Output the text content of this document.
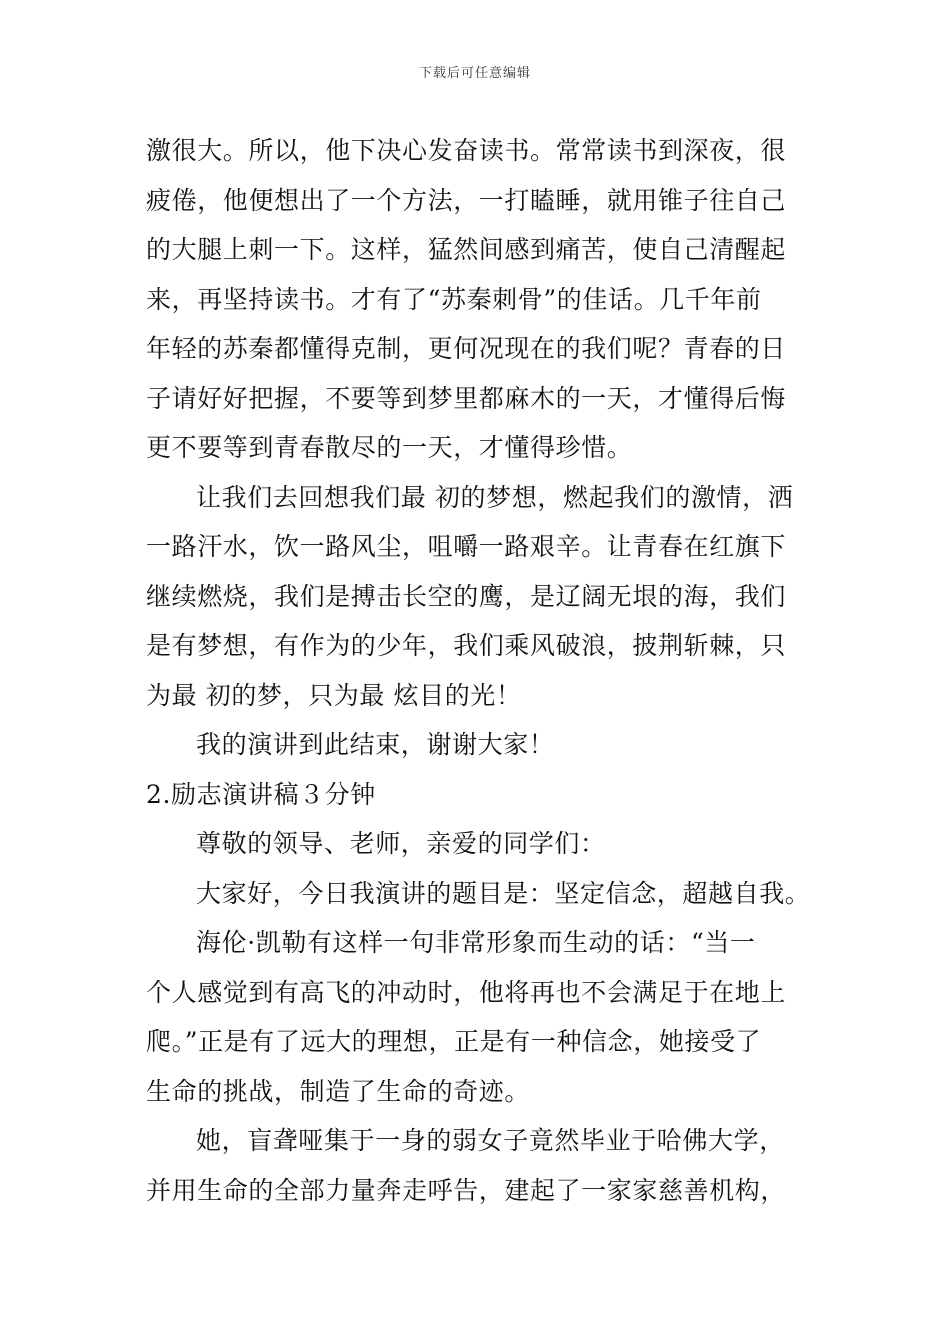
下载后可任意编辑
激很大。所以，他下决心发奋读书。常常读书到深夜，很
疲倦，他便想出了一个方法，一打瞌睡，就用锥子往自己
的大腿上刺一下。这样，猛然间感到痛苦，使自己清醒起
来，再坚持读书。才有了“苏秦刺骨”的佳话。几千年前
年轻的苏秦都懂得克制，更何况现在的我们呢？青春的日
子请好好把握，不要等到梦里都麻木的一天，才懂得后悔
更不要等到青春散尽的一天，才懂得珍惜。
让我们去回想我们最 初的梦想，燃起我们的激情，洒
一路汗水，饮一路风尘，咀嚼一路艰辛。让青春在红旗下
继续燃烧，我们是搏击长空的鹰，是辽阔无垠的海，我们
是有梦想，有作为的少年，我们乘风破浪，披荆斩棘，只
为最 初的梦，只为最 炫目的光！
我的演讲到此结束，谢谢大家！
2.励志演讲稿３分钟
尊敬的领导、老师，亲爱的同学们：
大家好，今日我演讲的题目是：坚定信念，超越自我。
海伦·凯勒有这样一句非常形象而生动的话：“当一
个人感觉到有高飞的冲动时，他将再也不会满足于在地上
爬。”正是有了远大的理想，正是有一种信念，她接受了
生命的挑战，制造了生命的奇迹。
她，盲聋哑集于一身的弱女子竟然毕业于哈佛大学，
并用生命的全部力量奔走呼告，建起了一家家慈善机构，
